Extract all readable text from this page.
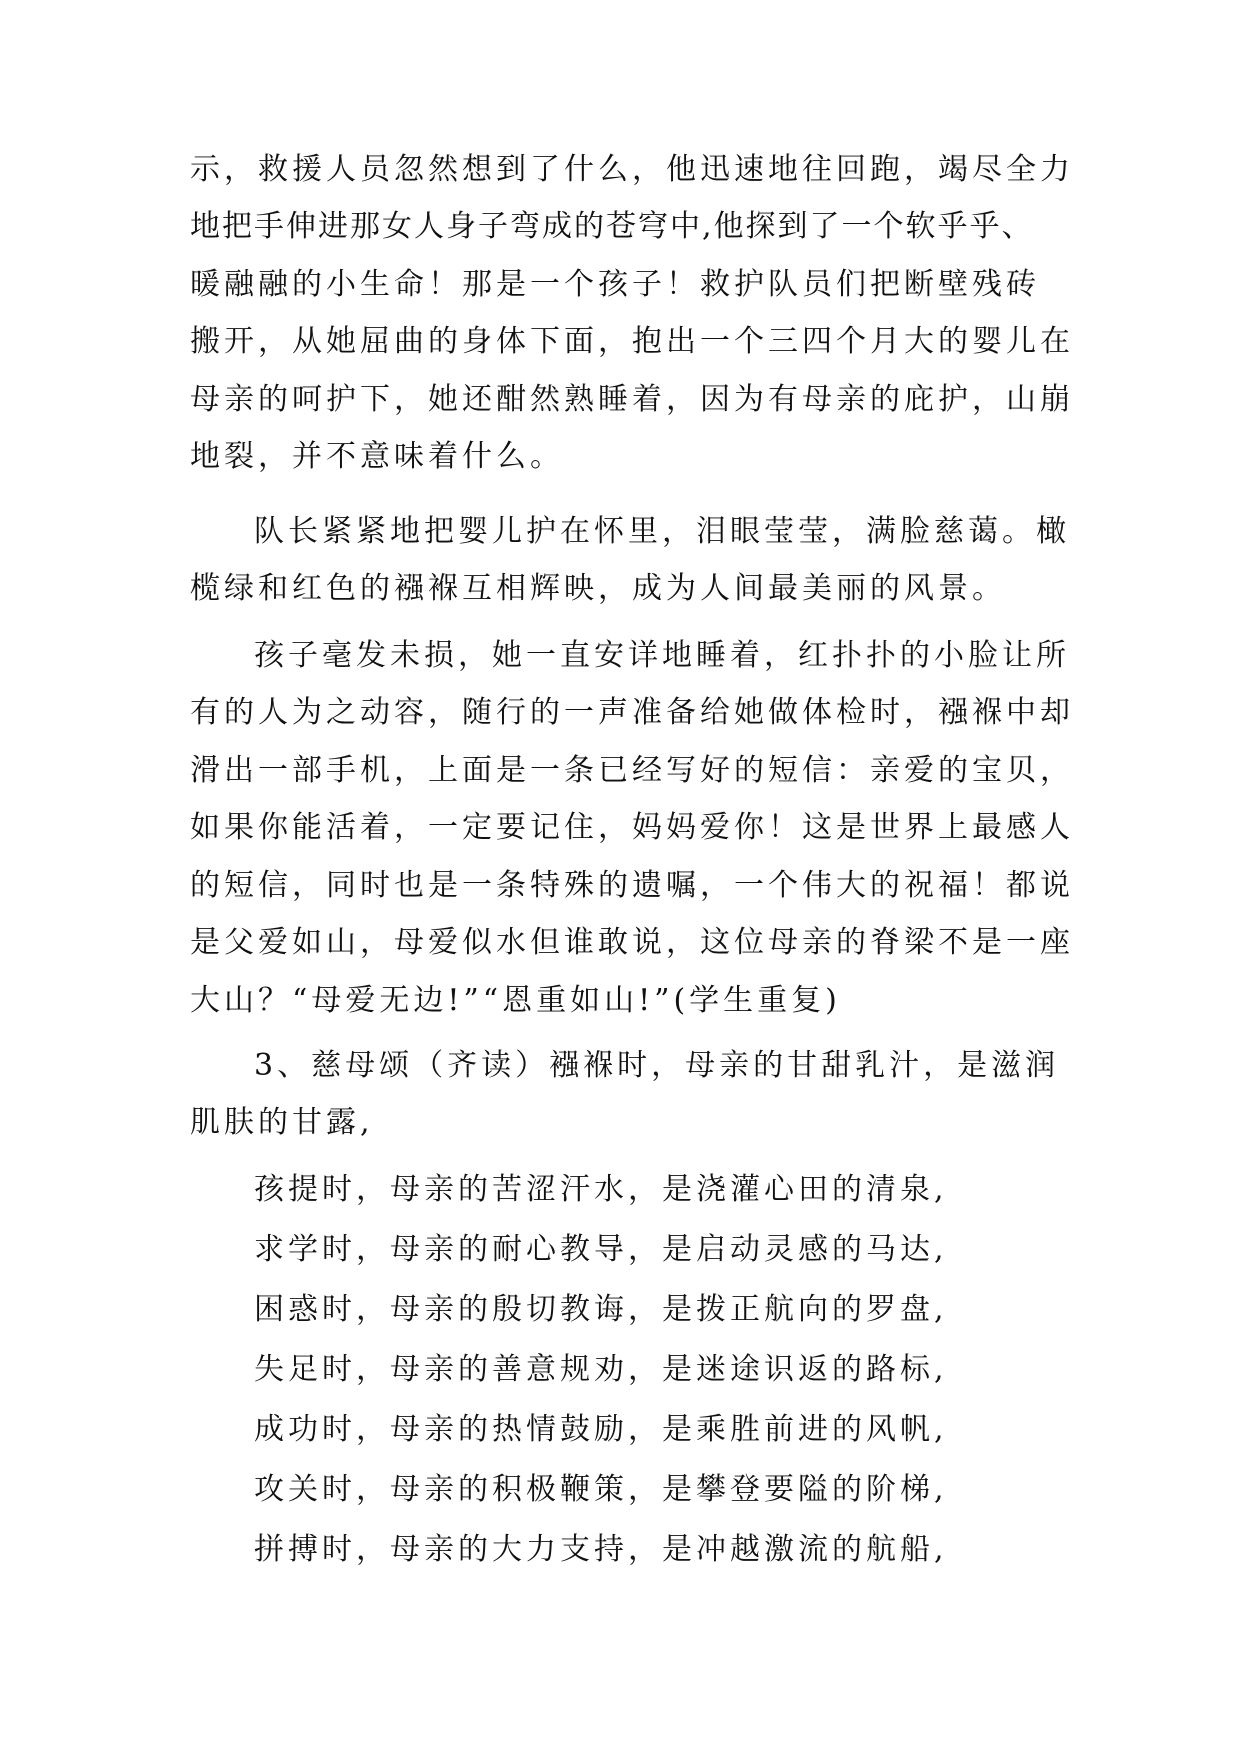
示，救援人员忽然想到了什么，他迅速地往回跑，竭尽全力
地把手伸进那女人身子弯成的苍穹中,他探到了一个软乎乎、
暖融融的小生命！那是一个孩子！救护队员们把断壁残砖
搬开，从她屈曲的身体下面，抱出一个三四个月大的婴儿在
母亲的呵护下，她还酣然熟睡着，因为有母亲的庇护，山崩
地裂，并不意味着什么。
队长紧紧地把婴儿护在怀里，泪眼莹莹，满脸慈蔼。橄
榄绿和红色的襁褓互相辉映，成为人间最美丽的风景。
孩子毫发未损，她一直安详地睡着，红扑扑的小脸让所
有的人为之动容，随行的一声准备给她做体检时，襁褓中却
滑出一部手机，上面是一条已经写好的短信：亲爱的宝贝，
如果你能活着，一定要记住，妈妈爱你！这是世界上最感人
的短信，同时也是一条特殊的遗嘱，一个伟大的祝福！都说
是父爱如山，母爱似水但谁敢说，这位母亲的脊梁不是一座
大山？“母爱无边!”“恩重如山!”(学生重复)
3、慈母颂（齐读）襁褓时，母亲的甘甜乳汁，是滋润
肌肤的甘露,
孩提时，母亲的苦涩汗水，是浇灌心田的清泉,
求学时，母亲的耐心教导，是启动灵感的马达,
困惑时，母亲的殷切教诲，是拨正航向的罗盘,
失足时，母亲的善意规劝，是迷途识返的路标,
成功时，母亲的热情鼓励，是乘胜前进的风帆,
攻关时，母亲的积极鞭策，是攀登要隘的阶梯,
拼搏时，母亲的大力支持，是冲越激流的航船,
